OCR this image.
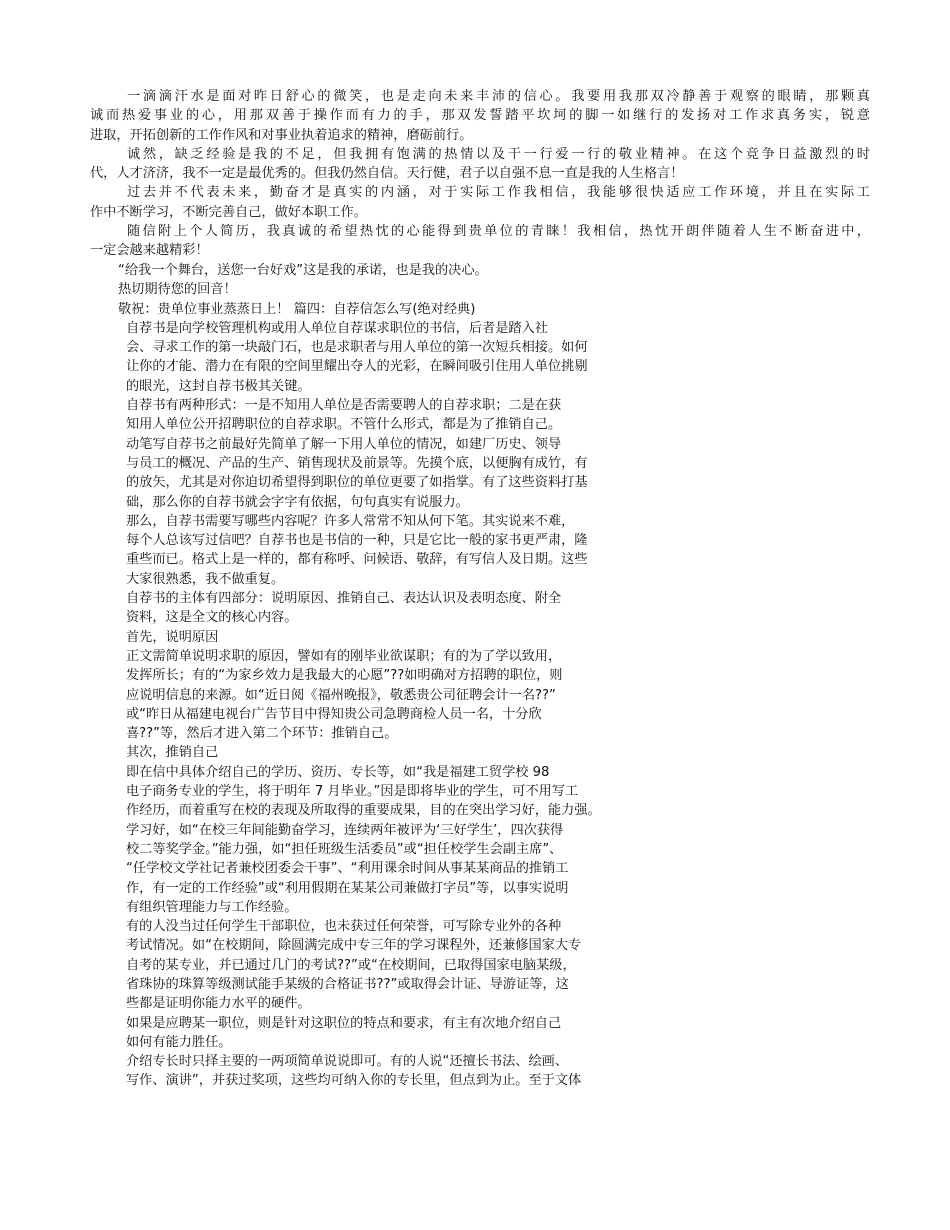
一滴滴汗水是面对昨日舒心的微笑，也是走向未来丰沛的信心。我要用我那双冷静善于观察的眼睛，那颗真
诚而热爱事业的心，用那双善于操作而有力的手，那双发誓踏平坎坷的脚一如继行的发扬对工作求真务实，锐意
进取，开拓创新的工作作风和对事业执着追求的精神，磨砺前行。
诚然，缺乏经验是我的不足，但我拥有饱满的热情以及干一行爱一行的敬业精神。在这个竞争日益激烈的时
代，人才济济，我不一定是最优秀的。但我仍然自信。天行健，君子以自强不息一直是我的人生格言！
过去并不代表未来，勤奋才是真实的内涵，对于实际工作我相信，我能够很快适应工作环境，并且在实际工
作中不断学习，不断完善自己，做好本职工作。
随信附上个人简历，我真诚的希望热忱的心能得到贵单位的青睐！我相信，热忱开朗伴随着人生不断奋进中，
一定会越来越精彩！
“给我一个舞台，送您一台好戏”这是我的承诺，也是我的决心。
热切期待您的回音！
敬祝：贵单位事业蒸蒸日上！ 篇四：自荐信怎么写(绝对经典)
自荐书是向学校管理机构或用人单位自荐谋求职位的书信，后者是踏入社
会、寻求工作的第一块敲门石，也是求职者与用人单位的第一次短兵相接。如何
让你的才能、潜力在有限的空间里耀出夺人的光彩，在瞬间吸引住用人单位挑剔
的眼光，这封自荐书极其关键。
自荐书有两种形式：一是不知用人单位是否需要聘人的自荐求职；二是在获
知用人单位公开招聘职位的自荐求职。不管什么形式，都是为了推销自己。
动笔写自荐书之前最好先简单了解一下用人单位的情况，如建厂历史、领导
与员工的概况、产品的生产、销售现状及前景等。先摸个底，以便胸有成竹，有
的放矢，尤其是对你迫切希望得到职位的单位更要了如指掌。有了这些资料打基
础，那么你的自荐书就会字字有依据，句句真实有说服力。
那么，自荐书需要写哪些内容呢？许多人常常不知从何下笔。其实说来不难，
每个人总该写过信吧？自荐书也是书信的一种，只是它比一般的家书更严肃，隆
重些而已。格式上是一样的，都有称呼、问候语、敬辞，有写信人及日期。这些
大家很熟悉，我不做重复。
自荐书的主体有四部分：说明原因、推销自己、表达认识及表明态度、附全
资料，这是全文的核心内容。
首先，说明原因
正文需简单说明求职的原因，譬如有的刚毕业欲谋职；有的为了学以致用，
发挥所长；有的“为家乡效力是我最大的心愿”??如明确对方招聘的职位，则
应说明信息的来源。如“近日阅《福州晚报》，敬悉贵公司征聘会计一名??”
或“昨日从福建电视台广告节目中得知贵公司急聘商检人员一名，十分欣
喜??”等，然后才进入第二个环节：推销自己。
其次，推销自己
即在信中具体介绍自己的学历、资历、专长等，如“我是福建工贸学校 98
电子商务专业的学生，将于明年 7 月毕业。”因是即将毕业的学生，可不用写工
作经历，而着重写在校的表现及所取得的重要成果，目的在突出学习好，能力强。
学习好，如“在校三年间能勤奋学习，连续两年被评为‘三好学生’，四次获得
校二等奖学金。”能力强，如“担任班级生活委员”或“担任校学生会副主席”、
“任学校文学社记者兼校团委会干事”、“利用课余时间从事某某商品的推销工
作，有一定的工作经验”或“利用假期在某某公司兼做打字员”等，以事实说明
有组织管理能力与工作经验。
有的人没当过任何学生干部职位，也未获过任何荣誉，可写除专业外的各种
考试情况。如“在校期间，除圆满完成中专三年的学习课程外，还兼修国家大专
自考的某专业，并已通过几门的考试??”或“在校期间，已取得国家电脑某级，
省珠协的珠算等级测试能手某级的合格证书??”或取得会计证、导游证等，这
些都是证明你能力水平的硬件。
如果是应聘某一职位，则是针对这职位的特点和要求，有主有次地介绍自己
如何有能力胜任。
介绍专长时只择主要的一两项简单说说即可。有的人说“还擅长书法、绘画、
写作、演讲”，并获过奖项，这些均可纳入你的专长里，但点到为止。至于文体
